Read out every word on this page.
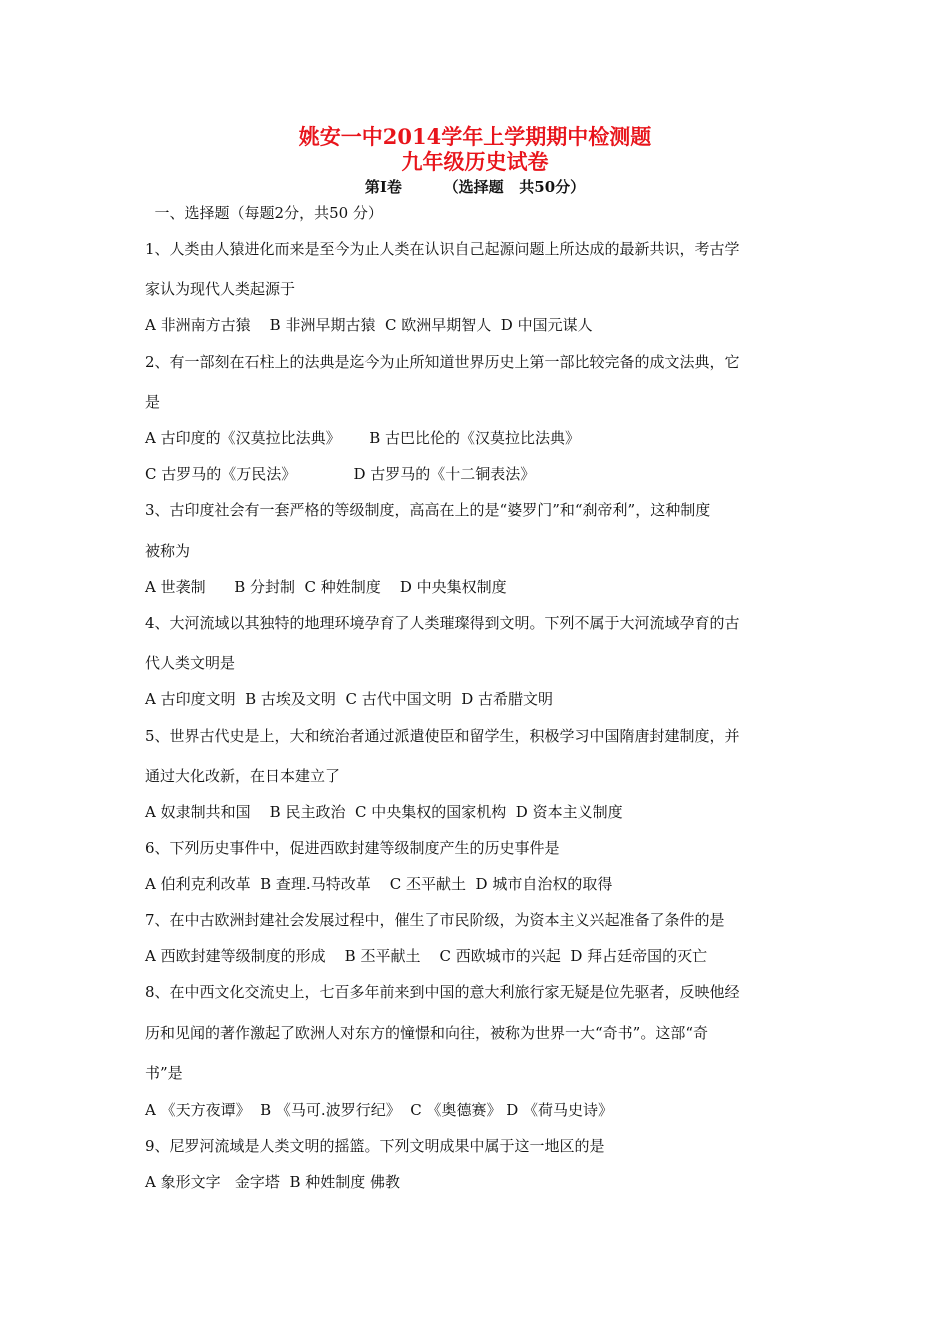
姚安一中2014学年上学期期中检测题
九年级历史试卷
第Ⅰ卷        （选择题   共50分）
一、选择题（每题2分，共50 分）
1、人类由人猿进化而来是至今为止人类在认识自己起源问题上所达成的最新共识，考古学
家认为现代人类起源于
A 非洲南方古猿    B 非洲早期古猿  C 欧洲早期智人  D 中国元谋人
2、有一部刻在石柱上的法典是迄今为止所知道世界历史上第一部比较完备的成文法典，它
是
A 古印度的《汉莫拉比法典》      B 古巴比伦的《汉莫拉比法典》
C 古罗马的《万民法》            D 古罗马的《十二铜表法》
3、古印度社会有一套严格的等级制度，高高在上的是“婆罗门”和“刹帝利”，这种制度
被称为
A 世袭制      B 分封制  C 种姓制度    D 中央集权制度
4、大河流域以其独特的地理环境孕育了人类璀璨得到文明。下列不属于大河流域孕育的古
代人类文明是
A 古印度文明  B 古埃及文明  C 古代中国文明  D 古希腊文明
5、世界古代史是上，大和统治者通过派遣使臣和留学生，积极学习中国隋唐封建制度，并
通过大化改新，在日本建立了
A 奴隶制共和国    B 民主政治  C 中央集权的国家机构  D 资本主义制度
6、下列历史事件中，促进西欧封建等级制度产生的历史事件是
A 伯利克利改革  B 查理.马特改革    C 丕平献土  D 城市自治权的取得
7、在中古欧洲封建社会发展过程中，催生了市民阶级，为资本主义兴起准备了条件的是
A 西欧封建等级制度的形成    B 丕平献土    C 西欧城市的兴起  D 拜占廷帝国的灭亡
8、在中西文化交流史上，七百多年前来到中国的意大利旅行家无疑是位先驱者，反映他经
历和见闻的著作激起了欧洲人对东方的憧憬和向往，被称为世界一大“奇书”。这部“奇
书”是
A 《天方夜谭》  B 《马可.波罗行纪》  C 《奥德赛》 D 《荷马史诗》
9、尼罗河流域是人类文明的摇篮。下列文明成果中属于这一地区的是
A 象形文字   金字塔  B 种姓制度 佛教
